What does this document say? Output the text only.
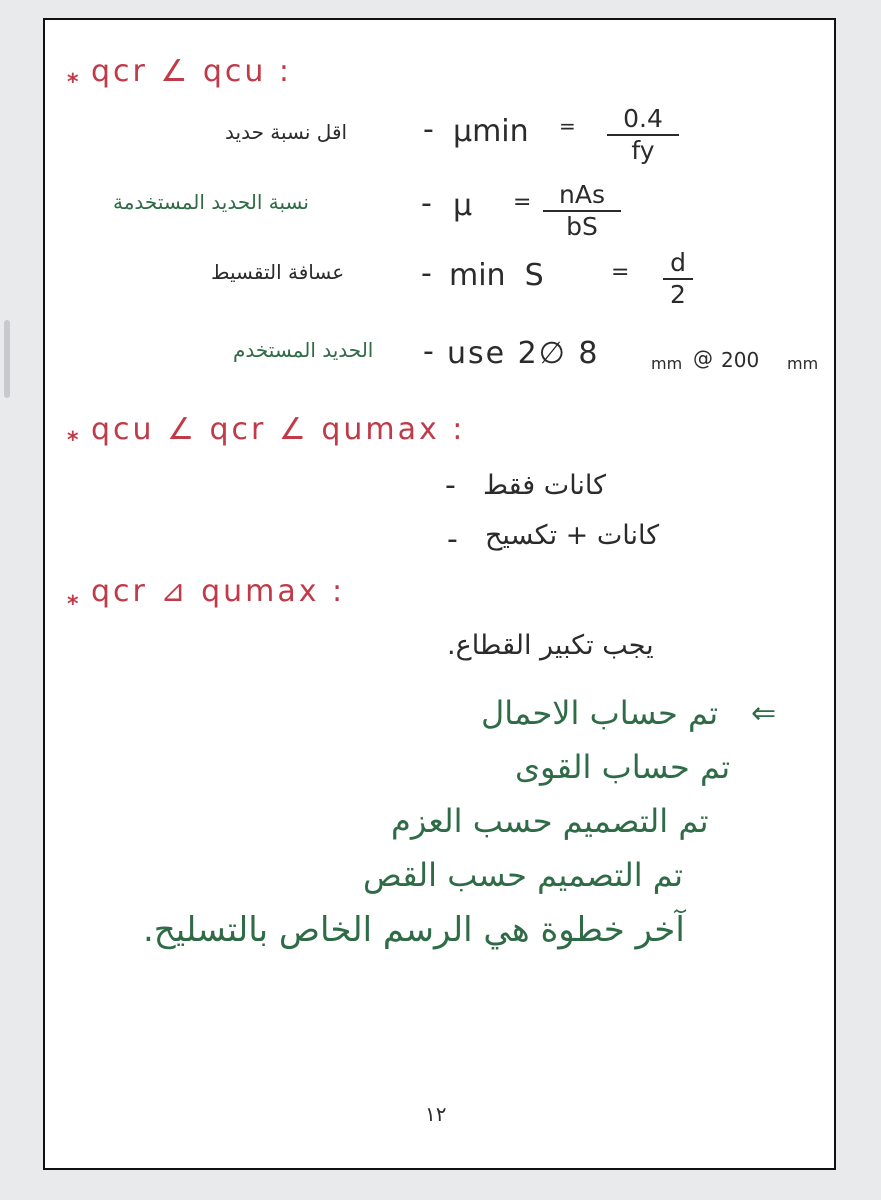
* qcr ∠ qcu :
اقل نسبة حديد	- μmin = 0.4
fy
نسبة الحديد المستخدمة	- μ = nAs
bS
عسافة التقسيط	- min  S	= d
2
الحديد المستخدم - use 2∅ 8	mm @ 200 mm
* qcu ∠ qcr ∠ qumax :
كانات فقط
-
كانات + تكسيح
-
* qcr ⊿ qumax :
يجب تكبير القطاع.
تم حساب الاحمال ⇐
تم حساب القوى
تم التصميم حسب العزم
تم التصميم حسب القص
آخر خطوة هي الرسم الخاص بالتسليح.
١٢
